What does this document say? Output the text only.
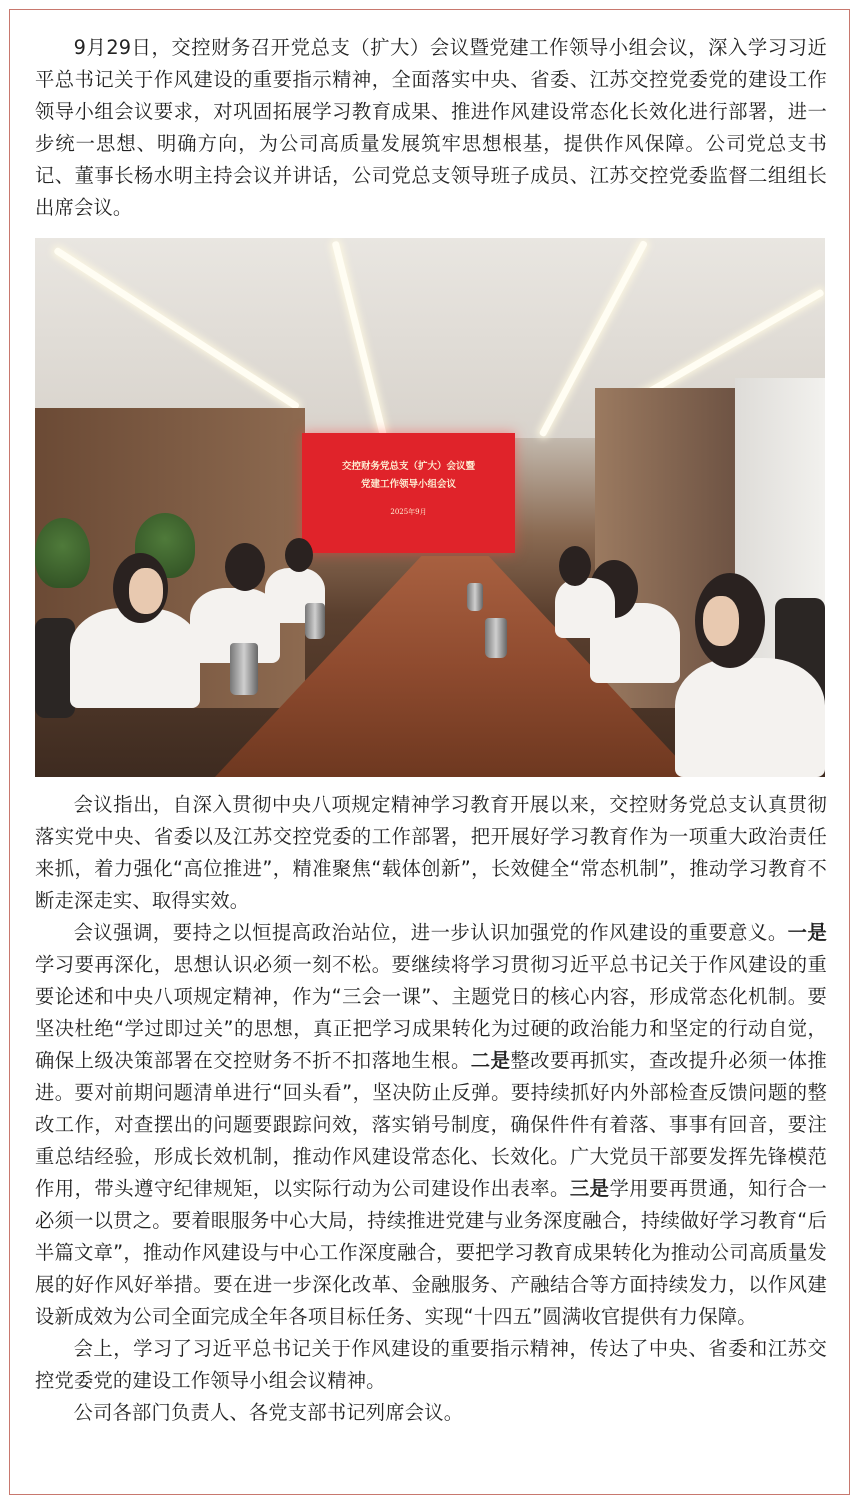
9月29日，交控财务召开党总支（扩大）会议暨党建工作领导小组会议，深入学习习近平总书记关于作风建设的重要指示精神，全面落实中央、省委、江苏交控党委党的建设工作领导小组会议要求，对巩固拓展学习教育成果、推进作风建设常态化长效化进行部署，进一步统一思想、明确方向，为公司高质量发展筑牢思想根基，提供作风保障。公司党总支书记、董事长杨水明主持会议并讲话，公司党总支领导班子成员、江苏交控党委监督二组组长出席会议。

交控财务党总支（扩大）会议暨
党建工作领导小组会议
2025年9月

会议指出，自深入贯彻中央八项规定精神学习教育开展以来，交控财务党总支认真贯彻落实党中央、省委以及江苏交控党委的工作部署，把开展好学习教育作为一项重大政治责任来抓，着力强化“高位推进”，精准聚焦“载体创新”，长效健全“常态机制”，推动学习教育不断走深走实、取得实效。

会议强调，要持之以恒提高政治站位，进一步认识加强党的作风建设的重要意义。一是学习要再深化，思想认识必须一刻不松。要继续将学习贯彻习近平总书记关于作风建设的重要论述和中央八项规定精神，作为“三会一课”、主题党日的核心内容，形成常态化机制。要坚决杜绝“学过即过关”的思想，真正把学习成果转化为过硬的政治能力和坚定的行动自觉，确保上级决策部署在交控财务不折不扣落地生根。二是整改要再抓实，查改提升必须一体推进。要对前期问题清单进行“回头看”，坚决防止反弹。要持续抓好内外部检查反馈问题的整改工作，对查摆出的问题要跟踪问效，落实销号制度，确保件件有着落、事事有回音，要注重总结经验，形成长效机制，推动作风建设常态化、长效化。广大党员干部要发挥先锋模范作用，带头遵守纪律规矩，以实际行动为公司建设作出表率。三是学用要再贯通，知行合一必须一以贯之。要着眼服务中心大局，持续推进党建与业务深度融合，持续做好学习教育“后半篇文章”，推动作风建设与中心工作深度融合，要把学习教育成果转化为推动公司高质量发展的好作风好举措。要在进一步深化改革、金融服务、产融结合等方面持续发力，以作风建设新成效为公司全面完成全年各项目标任务、实现“十四五”圆满收官提供有力保障。

会上，学习了习近平总书记关于作风建设的重要指示精神，传达了中央、省委和江苏交控党委党的建设工作领导小组会议精神。

公司各部门负责人、各党支部书记列席会议。
